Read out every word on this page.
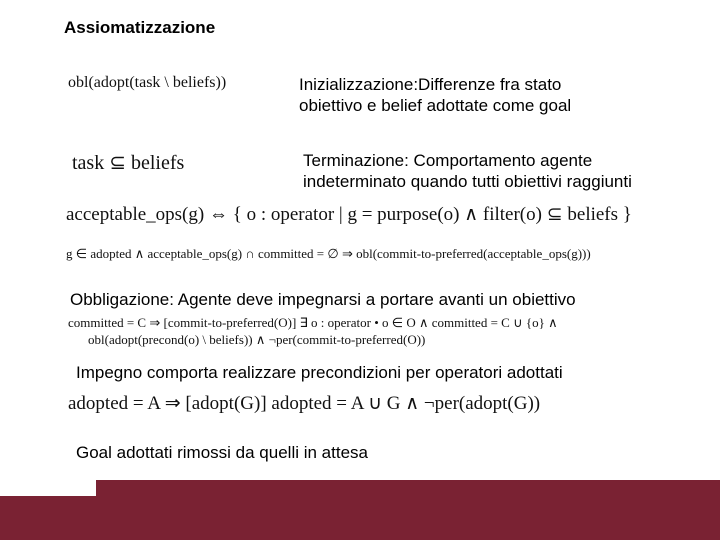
Assiomatizzazione
obl(adopt(task \ beliefs))	Inizializzazione:Differenze fra stato
obiettivo e belief adottate come goal
task ⊆ beliefs	Terminazione: Comportamento agente
indeterminato quando tutti obiettivi raggiunti
acceptable_ops(g) ⇔ { o : operator | g = purpose(o) ∧ filter(o) ⊆ beliefs }
g ∈ adopted ∧ acceptable_ops(g) ∩ committed = ∅ ⇒ obl(commit-to-preferred(acceptable_ops(g)))
Obbligazione: Agente deve impegnarsi a portare avanti un obiettivo
committed = C ⇒ [commit-to-preferred(O)] ∃ o : operator • o ∈ O ∧ committed = C ∪ {o} ∧
obl(adopt(precond(o) \ beliefs)) ∧ ¬per(commit-to-preferred(O))
Impegno comporta realizzare precondizioni per operatori adottati
adopted = A ⇒ [adopt(G)] adopted = A ∪ G ∧ ¬per(adopt(G))
Goal adottati rimossi da quelli in attesa
